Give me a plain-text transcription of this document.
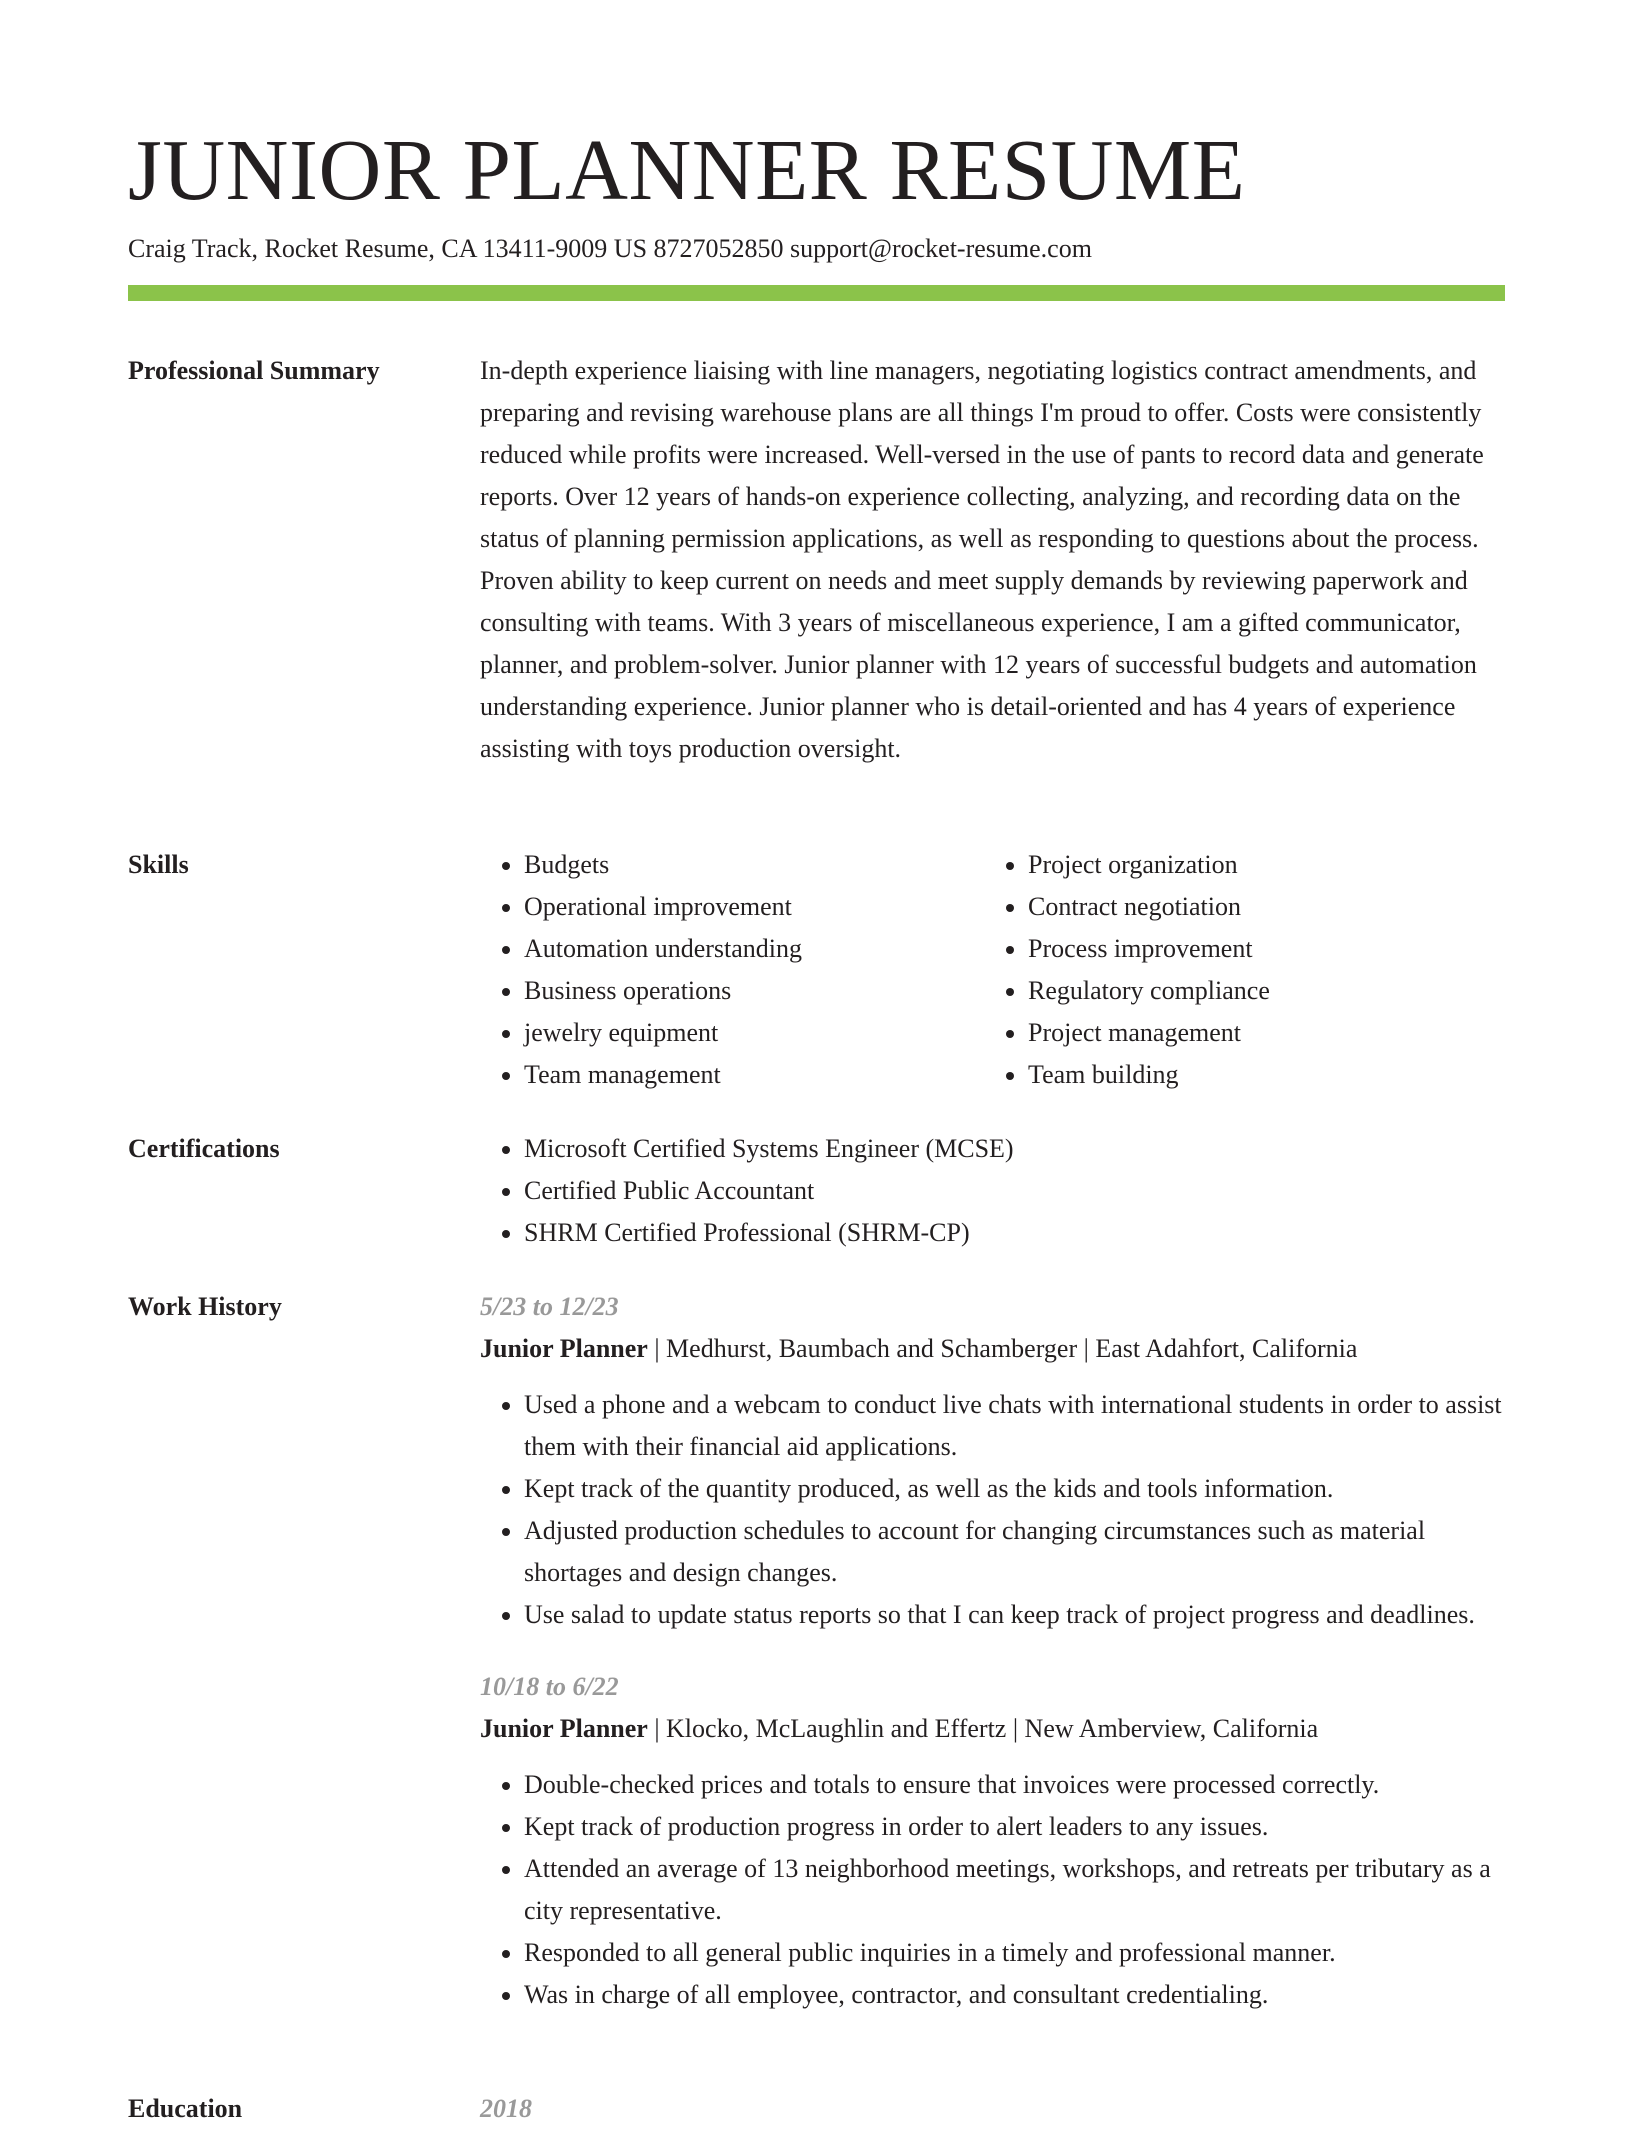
JUNIOR PLANNER RESUME
Craig Track, Rocket Resume, CA 13411-9009 US 8727052850 support@rocket-resume.com
Professional Summary	In-depth experience liaising with line managers, negotiating logistics contract amendments, and preparing and revising warehouse plans are all things I'm proud to offer. Costs were consistently reduced while profits were increased. Well-versed in the use of pants to record data and generate reports. Over 12 years of hands-on experience collecting, analyzing, and recording data on the status of planning permission applications, as well as responding to questions about the process. Proven ability to keep current on needs and meet supply demands by reviewing paperwork and consulting with teams. With 3 years of miscellaneous experience, I am a gifted communicator, planner, and problem-solver. Junior planner with 12 years of successful budgets and automation understanding experience. Junior planner who is detail-oriented and has 4 years of experience assisting with toys production oversight.

Skills	• Budgets
• Operational improvement
• Automation understanding
• Business operations
• jewelry equipment
• Team management
• Project organization
• Contract negotiation
• Process improvement
• Regulatory compliance
• Project management
• Team building
Certifications	• Microsoft Certified Systems Engineer (MCSE)
• Certified Public Accountant
• SHRM Certified Professional (SHRM-CP)
Work History	5/23 to 12/23
Junior Planner | Medhurst, Baumbach and Schamberger | East Adahfort, California
• Used a phone and a webcam to conduct live chats with international students in order to assist them with their financial aid applications.
• Kept track of the quantity produced, as well as the kids and tools information.
• Adjusted production schedules to account for changing circumstances such as material shortages and design changes.
• Use salad to update status reports so that I can keep track of project progress and deadlines.
10/18 to 6/22
Junior Planner | Klocko, McLaughlin and Effertz | New Amberview, California
• Double-checked prices and totals to ensure that invoices were processed correctly.
• Kept track of production progress in order to alert leaders to any issues.
• Attended an average of 13 neighborhood meetings, workshops, and retreats per tributary as a city representative.
• Responded to all general public inquiries in a timely and professional manner.
• Was in charge of all employee, contractor, and consultant credentialing.
Education	2018
